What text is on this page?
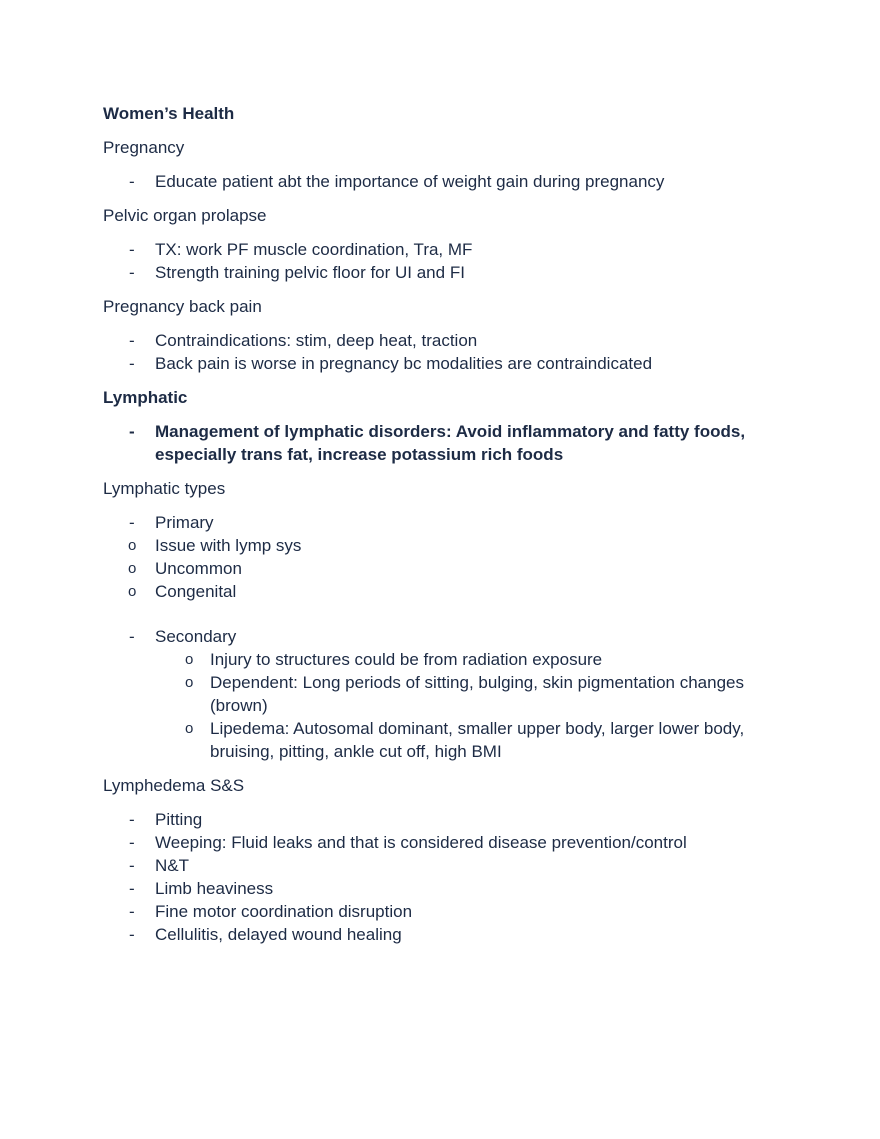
Women’s Health
Pregnancy
-	Educate patient abt the importance of weight gain during pregnancy
Pelvic organ prolapse
-	TX: work PF muscle coordination, Tra, MF
-	Strength training pelvic floor for UI and FI
Pregnancy back pain
-	Contraindications: stim, deep heat, traction
-	Back pain is worse in pregnancy bc modalities are contraindicated
Lymphatic
-	Management of lymphatic disorders: Avoid inflammatory and fatty foods, especially trans fat, increase potassium rich foods
Lymphatic types
-	Primary
o	Issue with lymp sys
o	Uncommon
o	Congenital
-	Secondary
o Injury to structures could be from radiation exposure
o Dependent: Long periods of sitting, bulging, skin pigmentation changes (brown)
o Lipedema: Autosomal dominant, smaller upper body, larger lower body, bruising, pitting, ankle cut off, high BMI
Lymphedema S&S
-	Pitting
-	Weeping: Fluid leaks and that is considered disease prevention/control
-	N&T
-	Limb heaviness
-	Fine motor coordination disruption
-	Cellulitis, delayed wound healing
